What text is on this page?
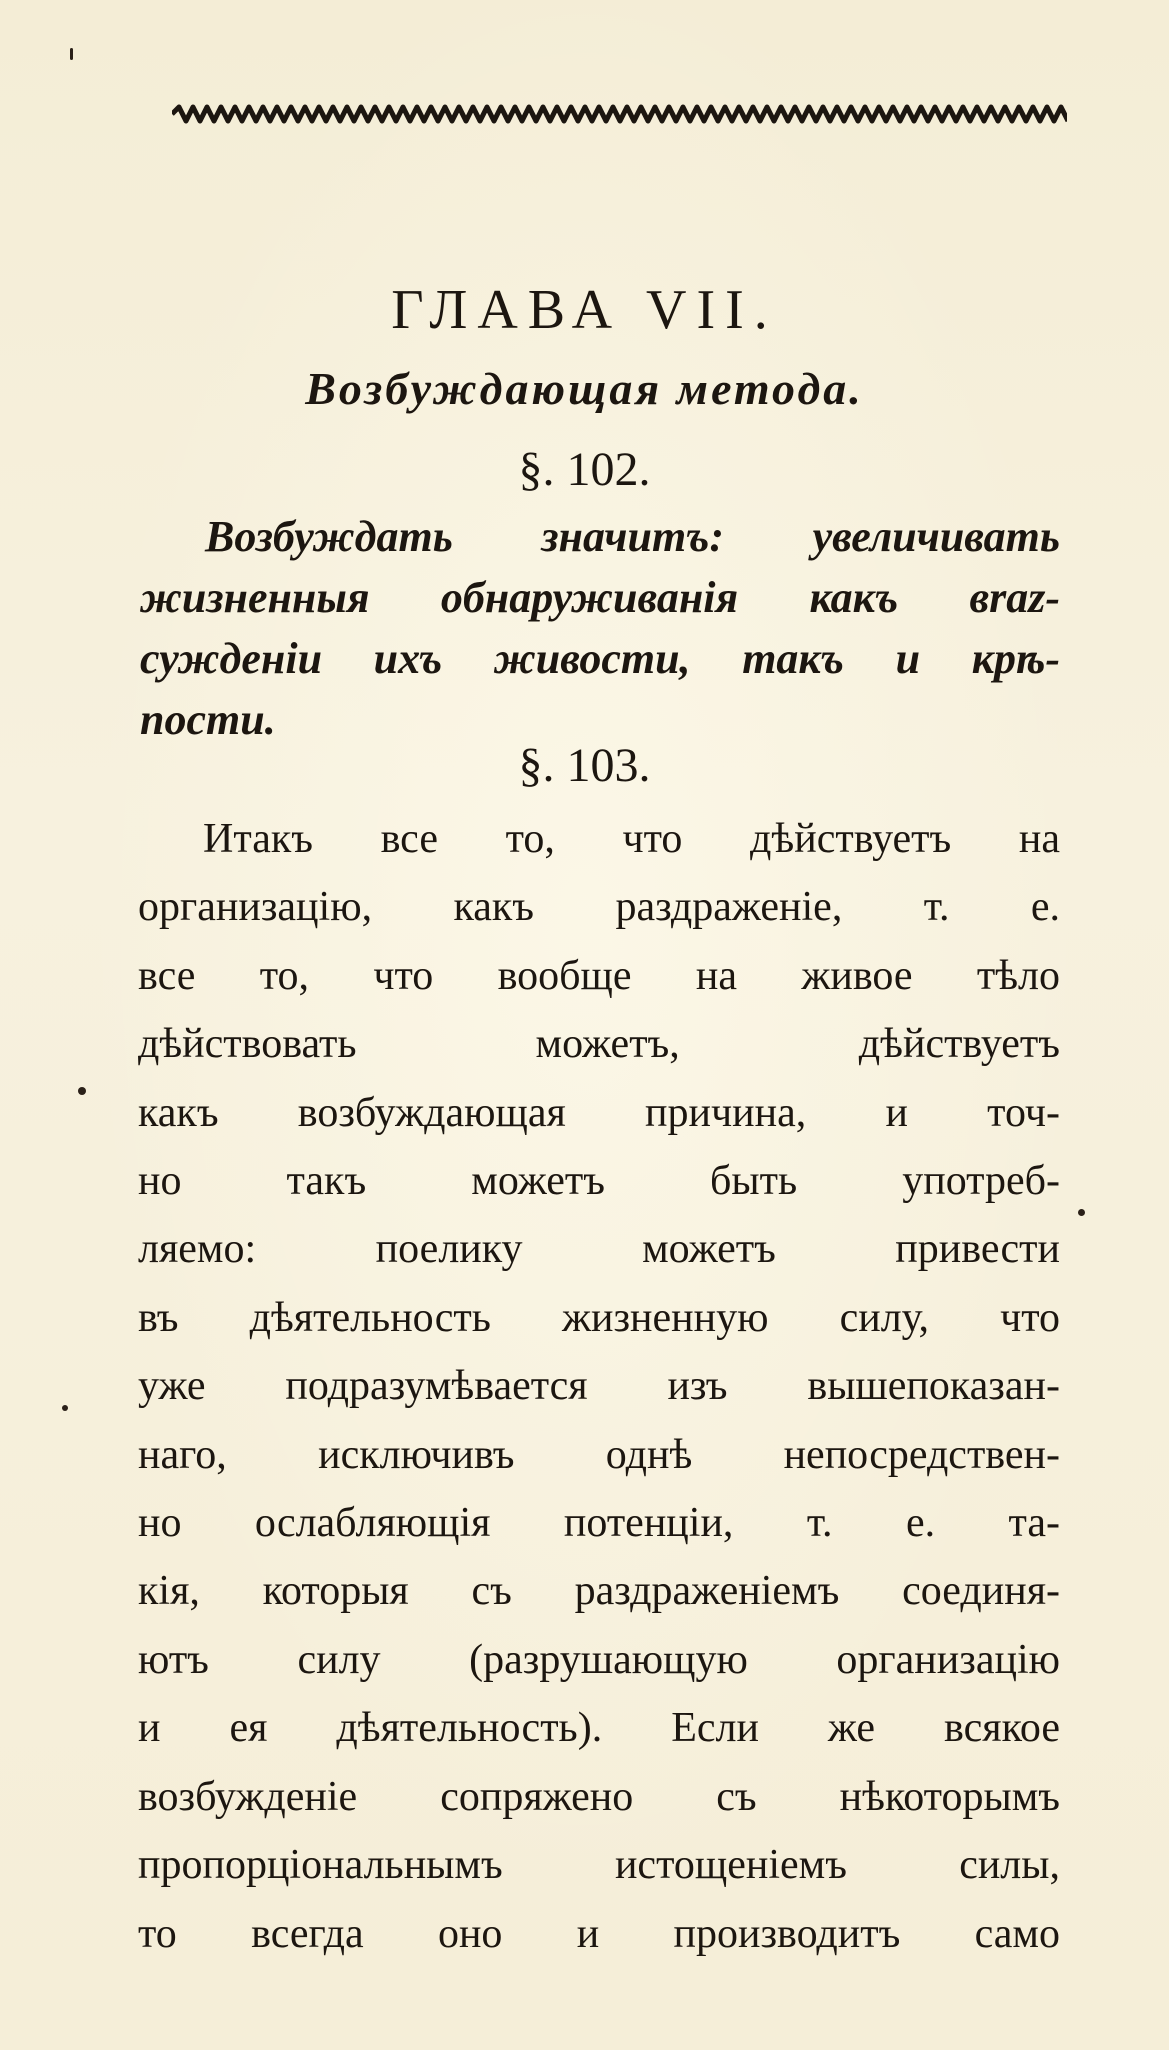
ГЛАВА VII.
Возбуждающая метода.
§. 102.
Возбуждать значитъ: увеличивать
жизненныя обнаруживанія какъ вraz-
сужденіи ихъ живости, такъ и крѣ-
пости.
§. 103.
Итакъ все то, что дѣйствуетъ на
организацію, какъ раздраженіе, т. е.
все то, что вообще на живое тѣло
дѣйствовать можетъ, дѣйствуетъ
какъ возбуждающая причина, и точ-
но такъ можетъ быть употреб-
ляемо: поелику можетъ привести
въ дѣятельность жизненную силу, что
уже подразумѣвается изъ вышепоказан-
наго, исключивъ однѣ непосредствен-
но ослабляющія потенціи, т. е. та-
кія, которыя съ раздраженіемъ соединя-
ютъ силу (разрушающую организацію
и ея дѣятельность). Если же всякое
возбужденіе сопряжено съ нѣкоторымъ
пропорціональнымъ истощеніемъ силы,
то всегда оно и производитъ само
